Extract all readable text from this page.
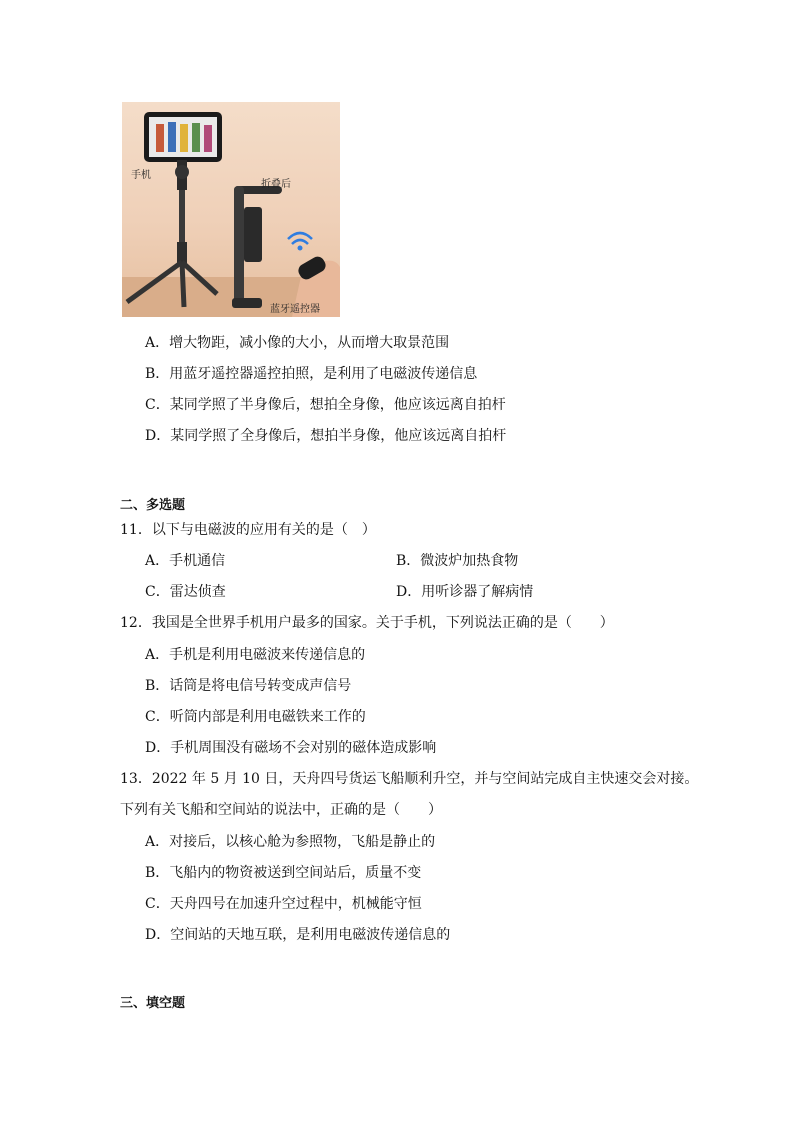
手机
折叠后
蓝牙遥控器
A．增大物距，减小像的大小，从而增大取景范围
B．用蓝牙遥控器遥控拍照，是利用了电磁波传递信息
C．某同学照了半身像后，想拍全身像，他应该远离自拍杆
D．某同学照了全身像后，想拍半身像，他应该远离自拍杆
二、多选题
11．以下与电磁波的应用有关的是（　）
A．手机通信	B．微波炉加热食物
C．雷达侦查	D．用听诊器了解病情
12．我国是全世界手机用户最多的国家。关于手机，下列说法正确的是（　　）
A．手机是利用电磁波来传递信息的
B．话筒是将电信号转变成声信号
C．听筒内部是利用电磁铁来工作的
D．手机周围没有磁场不会对别的磁体造成影响
13．2022 年 5 月 10 日，天舟四号货运飞船顺利升空，并与空间站完成自主快速交会对接。
下列有关飞船和空间站的说法中，正确的是（　　）
A．对接后，以核心舱为参照物，飞船是静止的
B．飞船内的物资被送到空间站后，质量不变
C．天舟四号在加速升空过程中，机械能守恒
D．空间站的天地互联，是利用电磁波传递信息的
三、填空题
